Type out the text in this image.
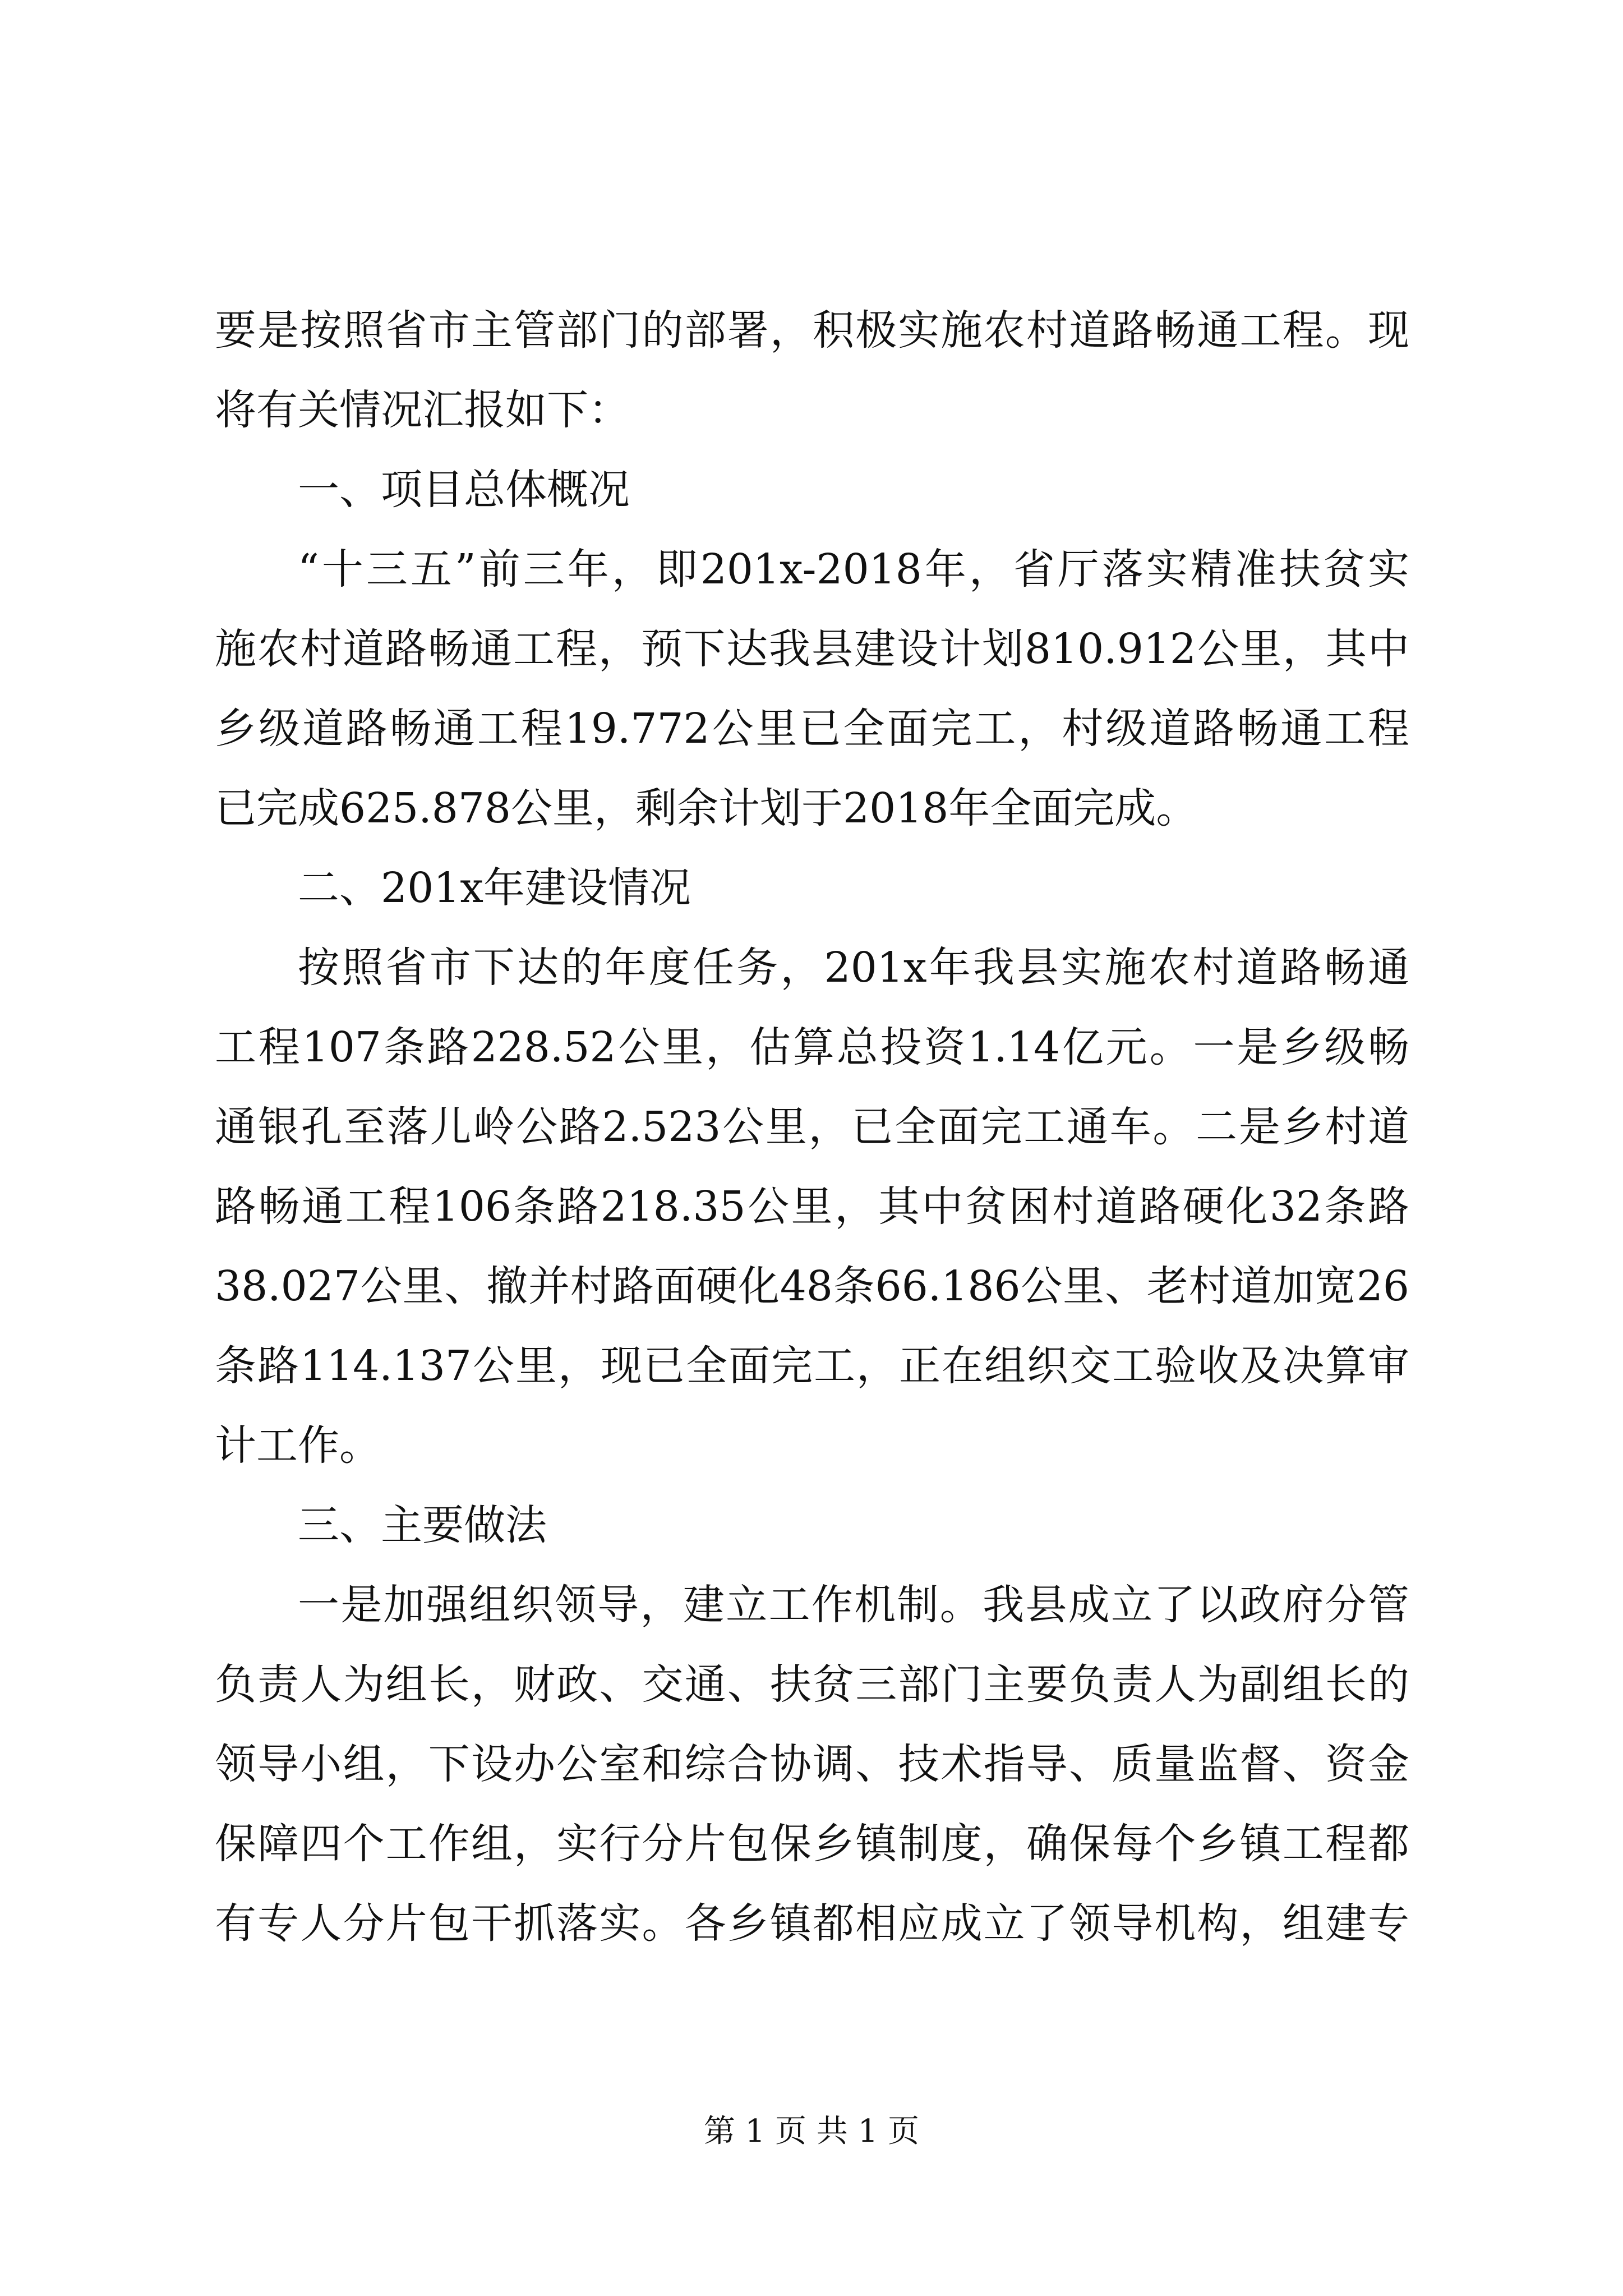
要是按照省市主管部门的部署，积极实施农村道路畅通工程。现
将有关情况汇报如下：
一、项目总体概况
“十三五”前三年，即201x-2018年，省厅落实精准扶贫实
施农村道路畅通工程，预下达我县建设计划810.912公里，其中
乡级道路畅通工程19.772公里已全面完工，村级道路畅通工程
已完成625.878公里，剩余计划于2018年全面完成。
二、201x年建设情况
按照省市下达的年度任务，201x年我县实施农村道路畅通
工程107条路228.52公里，估算总投资1.14亿元。一是乡级畅
通银孔至落儿岭公路2.523公里，已全面完工通车。二是乡村道
路畅通工程106条路218.35公里，其中贫困村道路硬化32条路
38.027公里、撤并村路面硬化48条66.186公里、老村道加宽26
条路114.137公里，现已全面完工，正在组织交工验收及决算审
计工作。
三、主要做法
一是加强组织领导，建立工作机制。我县成立了以政府分管
负责人为组长，财政、交通、扶贫三部门主要负责人为副组长的
领导小组，下设办公室和综合协调、技术指导、质量监督、资金
保障四个工作组，实行分片包保乡镇制度，确保每个乡镇工程都
有专人分片包干抓落实。各乡镇都相应成立了领导机构，组建专
第 1 页 共 1 页
